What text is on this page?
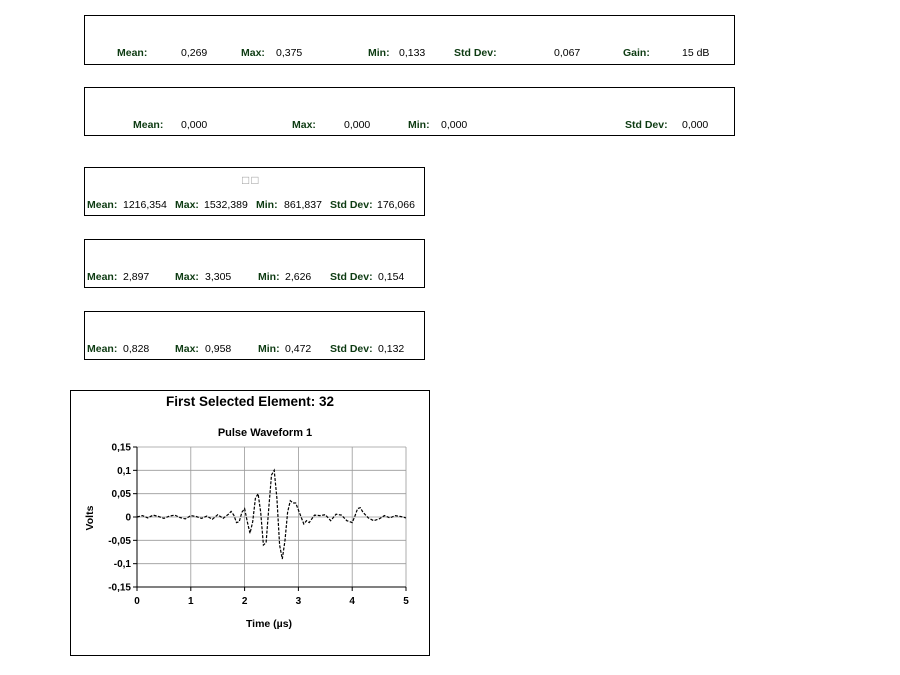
Mean:	0,269	Max: 0,375	Min: 0,133	Std Dev:	0,067	Gain:	15 dB
Mean: 0,000	Max:	0,000	Min: 0,000	Std Dev: 0,000
□□
Mean: 1216,354 Max: 1532,389 Min: 861,837 Std Dev: 176,066
Mean: 2,897 Max: 3,305	Min: 2,626 Std Dev: 0,154
Mean: 0,828 Max: 0,958	Min: 0,472 Std Dev: 0,132
First Selected Element: 32
Pulse Waveform 1
0,15
0,1
0,05
0
-0,05
-0,1
-0,15
0	1	2	3	4	5
Time (µs)
Volts
